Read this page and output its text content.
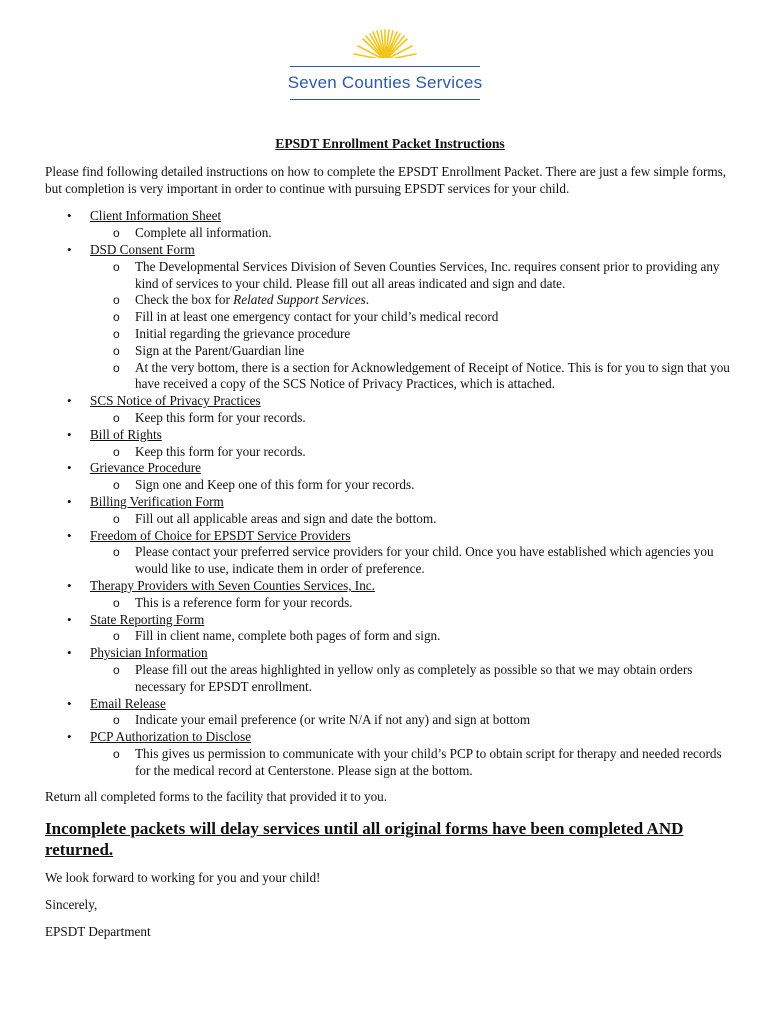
Seven Counties Services
EPSDT Enrollment Packet Instructions
Please find following detailed instructions on how to complete the EPSDT Enrollment Packet. There are just a few simple forms, but completion is very important in order to continue with pursuing EPSDT services for your child.
• Client Information Sheet
o Complete all information.
• DSD Consent Form
o The Developmental Services Division of Seven Counties Services, Inc. requires consent prior to providing any kind of services to your child. Please fill out all areas indicated and sign and date.
o Check the box for Related Support Services.
o Fill in at least one emergency contact for your child’s medical record
o Initial regarding the grievance procedure
o Sign at the Parent/Guardian line
o At the very bottom, there is a section for Acknowledgement of Receipt of Notice. This is for you to sign that you have received a copy of the SCS Notice of Privacy Practices, which is attached.
• SCS Notice of Privacy Practices
o Keep this form for your records.
• Bill of Rights
o Keep this form for your records.
• Grievance Procedure
o Sign one and Keep one of this form for your records.
• Billing Verification Form
o Fill out all applicable areas and sign and date the bottom.
• Freedom of Choice for EPSDT Service Providers
o Please contact your preferred service providers for your child. Once you have established which agencies you would like to use, indicate them in order of preference.
• Therapy Providers with Seven Counties Services, Inc.
o This is a reference form for your records.
• State Reporting Form
o Fill in client name, complete both pages of form and sign.
• Physician Information
o Please fill out the areas highlighted in yellow only as completely as possible so that we may obtain orders necessary for EPSDT enrollment.
• Email Release
o Indicate your email preference (or write N/A if not any) and sign at bottom
• PCP Authorization to Disclose
o This gives us permission to communicate with your child’s PCP to obtain script for therapy and needed records for the medical record at Centerstone. Please sign at the bottom.
Return all completed forms to the facility that provided it to you.
Incomplete packets will delay services until all original forms have been completed AND returned.
We look forward to working for you and your child!
Sincerely,
EPSDT Department
